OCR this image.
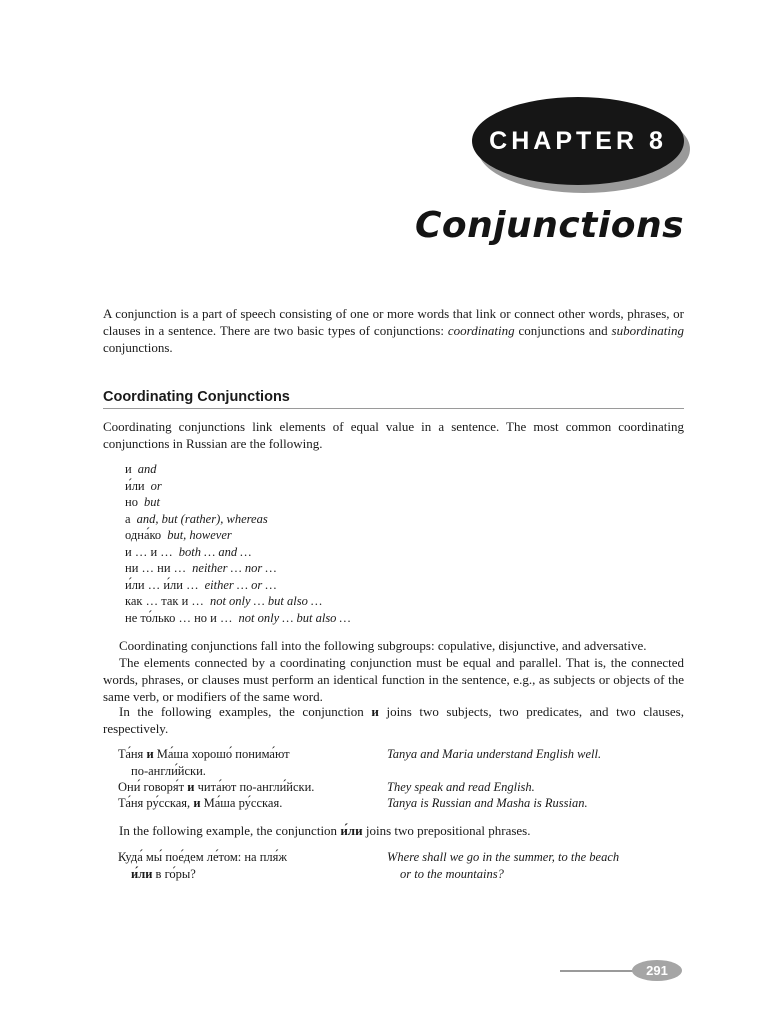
CHAPTER 8
Conjunctions

A conjunction is a part of speech consisting of one or more words that link or connect other words, phrases, or clauses in a sentence. There are two basic types of conjunctions: coordinating conjunctions and subordinating conjunctions.

Coordinating Conjunctions

Coordinating conjunctions link elements of equal value in a sentence. The most common coordinating conjunctions in Russian are the following.

и and
и́ли or
но but
а and, but (rather), whereas
одна́ко but, however
и … и … both … and …
ни … ни … neither … nor …
и́ли … и́ли … either … or …
как … так и … not only … but also …
не то́лько … но и … not only … but also …

Coordinating conjunctions fall into the following subgroups: copulative, disjunctive, and adversative.

The elements connected by a coordinating conjunction must be equal and parallel. That is, the connected words, phrases, or clauses must perform an identical function in the sentence, e.g., as subjects or objects of the same verb, or modifiers of the same word.

In the following examples, the conjunction и joins two subjects, two predicates, and two clauses, respectively.

Та́ня и Ма́ша хорошо́ понима́ют
по-англи́йски.
Tanya and Maria understand English well.
Они́ говоря́т и чита́ют по-англи́йски.	They speak and read English.
Та́ня ру́сская, и Ма́ша ру́сская.	Tanya is Russian and Masha is Russian.

In the following example, the conjunction и́ли joins two prepositional phrases.

Куда́ мы́ пое́дем ле́том: на пля́ж
и́ли в го́ры?
Where shall we go in the summer, to the beach
or to the mountains?
291
